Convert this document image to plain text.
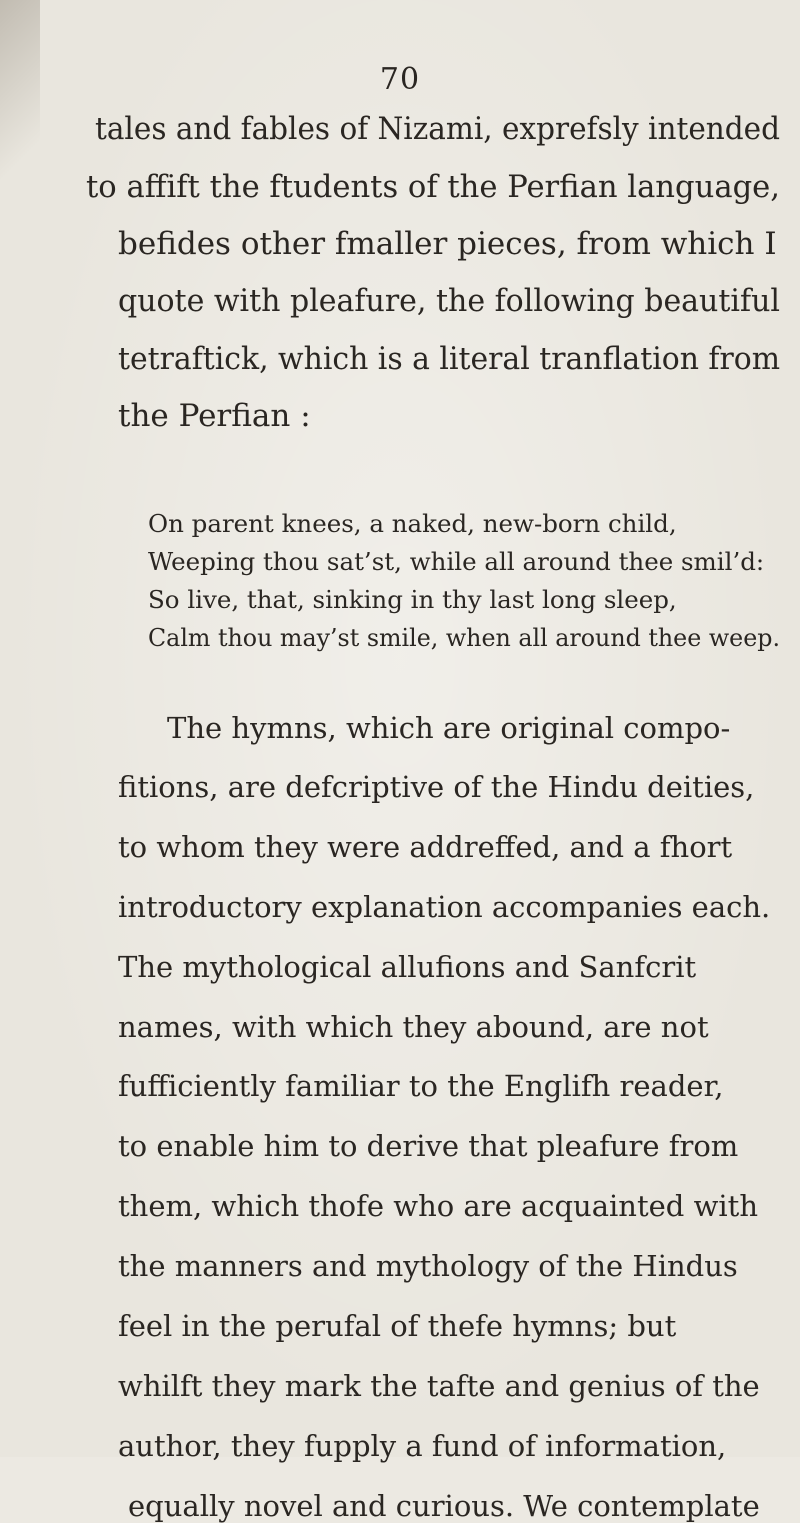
70
tales and fables of Nizami, exprefsly intended
to affift the ftudents of the Perfian language,
befides other fmaller pieces, from which I
quote with pleafure, the following beautiful
tetraftick, which is a literal tranflation from
the Perfian :
On parent knees, a naked, new-born child,
Weeping thou sat’st, while all around thee smil’d:
So live, that, sinking in thy last long sleep,
Calm thou may’st smile, when all around thee weep.
The hymns, which are original compo-
fitions, are defcriptive of the Hindu deities,
to whom they were addreffed, and a fhort
introductory explanation accompanies each.
The mythological allufions and Sanfcrit
names, with which they abound, are not
fufficiently familiar to the Englifh reader,
to enable him to derive that pleafure from
them, which thofe who are acquainted with
the manners and mythology of the Hindus
feel in the perufal of thefe hymns; but
whilft they mark the tafte and genius of the
author, they fupply a fund of information,
equally novel and curious. We contemplate
